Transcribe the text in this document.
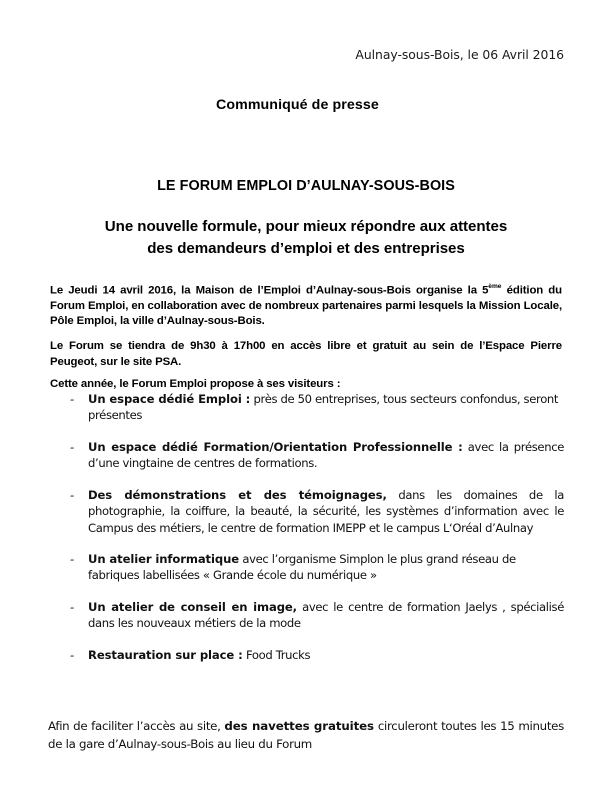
Aulnay-sous-Bois, le 06 Avril 2016
Communiqué de presse
LE FORUM EMPLOI D’AULNAY-SOUS-BOIS
Une nouvelle formule, pour mieux répondre aux attentes
des demandeurs d’emploi et des entreprises

Le Jeudi 14 avril 2016, la Maison de l’Emploi d’Aulnay-sous-Bois organise la 5ème édition du Forum Emploi, en collaboration avec de nombreux partenaires parmi lesquels la Mission Locale, Pôle Emploi, la ville d’Aulnay-sous-Bois.

Le Forum se tiendra de 9h30 à 17h00 en accès libre et gratuit au sein de l’Espace Pierre Peugeot, sur le site PSA.

Cette année, le Forum Emploi propose à ses visiteurs :

- Un espace dédié Emploi : près de 50 entreprises, tous secteurs confondus, seront présentes
- Un espace dédié Formation/Orientation Professionnelle : avec la présence d’une vingtaine de centres de formations.
- Des démonstrations et des témoignages, dans les domaines de la photographie, la coiffure, la beauté, la sécurité, les systèmes d’information avec le Campus des métiers, le centre de formation IMEPP et le campus L‘Oréal d’Aulnay
- Un atelier informatique avec l’organisme Simplon le plus grand réseau de fabriques labellisées « Grande école du numérique »
- Un atelier de conseil en image, avec le centre de formation Jaelys , spécialisé dans les nouveaux métiers de la mode
- Restauration sur place : Food Trucks

Afin de faciliter l’accès au site, des navettes gratuites circuleront toutes les 15 minutes de la gare d’Aulnay-sous-Bois au lieu du Forum
